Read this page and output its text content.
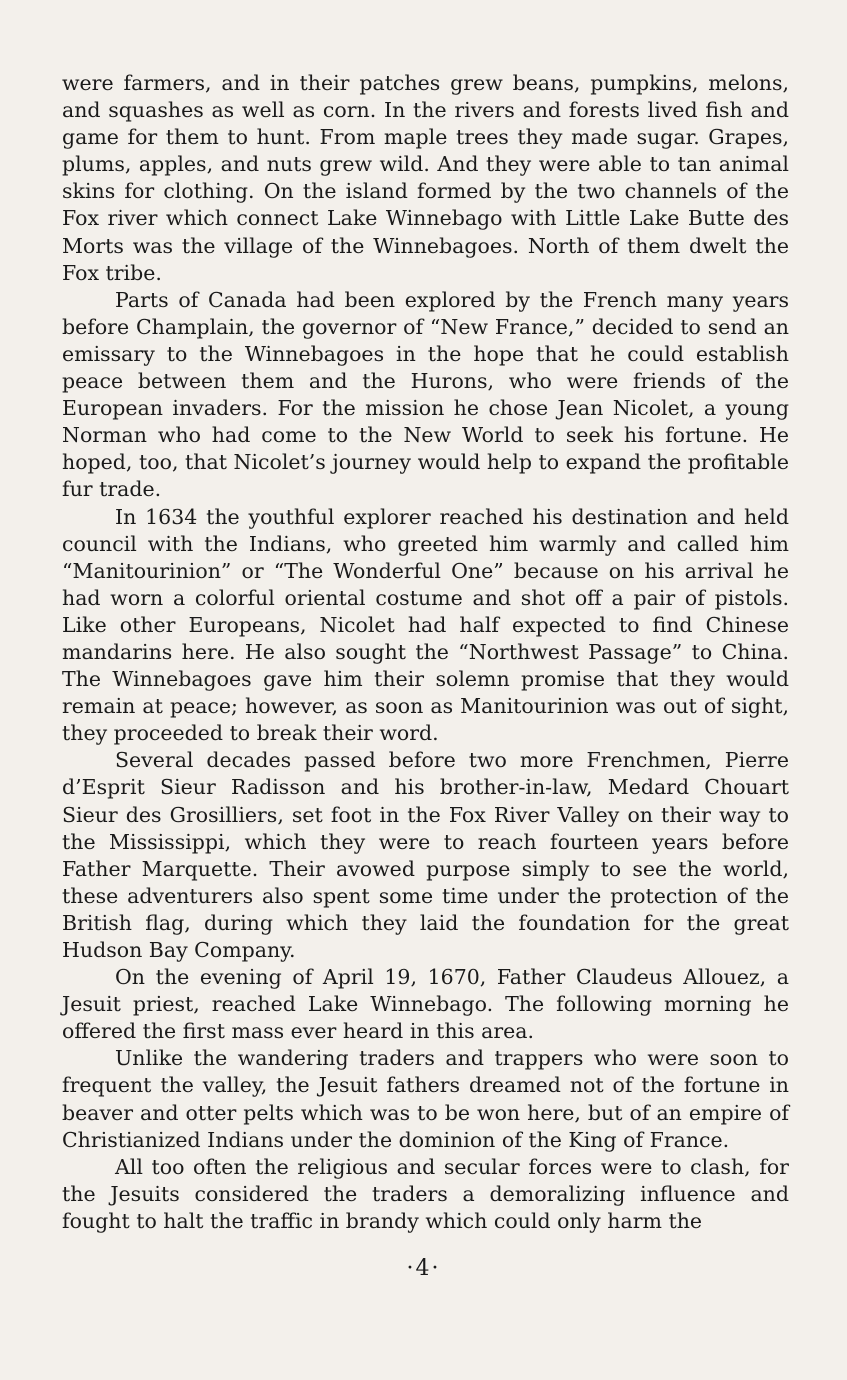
were farmers, and in their patches grew beans, pumpkins, melons, and squashes as well as corn. In the rivers and forests lived fish and game for them to hunt. From maple trees they made sugar. Grapes, plums, apples, and nuts grew wild. And they were able to tan animal skins for clothing. On the island formed by the two channels of the Fox river which connect Lake Winnebago with Little Lake Butte des Morts was the village of the Winnebagoes. North of them dwelt the Fox tribe.

Parts of Canada had been explored by the French many years before Champlain, the governor of “New France,” decided to send an emissary to the Winnebagoes in the hope that he could establish peace between them and the Hurons, who were friends of the European invaders. For the mission he chose Jean Nicolet, a young Norman who had come to the New World to seek his fortune. He hoped, too, that Nicolet’s journey would help to expand the profitable fur trade.

In 1634 the youthful explorer reached his destination and held council with the Indians, who greeted him warmly and called him “Manitourinion” or “The Wonderful One” because on his arrival he had worn a colorful oriental costume and shot off a pair of pistols. Like other Europeans, Nicolet had half expected to find Chinese mandarins here. He also sought the “Northwest Passage” to China. The Winnebagoes gave him their solemn promise that they would remain at peace; however, as soon as Manitourinion was out of sight, they proceeded to break their word.

Several decades passed before two more Frenchmen, Pierre d’Esprit Sieur Radisson and his brother-in-law, Medard Chouart Sieur des Grosilliers, set foot in the Fox River Valley on their way to the Mississippi, which they were to reach fourteen years before Father Marquette. Their avowed purpose simply to see the world, these adventurers also spent some time under the protection of the British flag, during which they laid the foundation for the great Hudson Bay Company.

On the evening of April 19, 1670, Father Claudeus Allouez, a Jesuit priest, reached Lake Winnebago. The following morning he offered the first mass ever heard in this area.

Unlike the wandering traders and trappers who were soon to frequent the valley, the Jesuit fathers dreamed not of the fortune in beaver and otter pelts which was to be won here, but of an empire of Christianized Indians under the dominion of the King of France.

All too often the religious and secular forces were to clash, for the Jesuits considered the traders a demoralizing influence and fought to halt the traffic in brandy which could only harm the

·4·
